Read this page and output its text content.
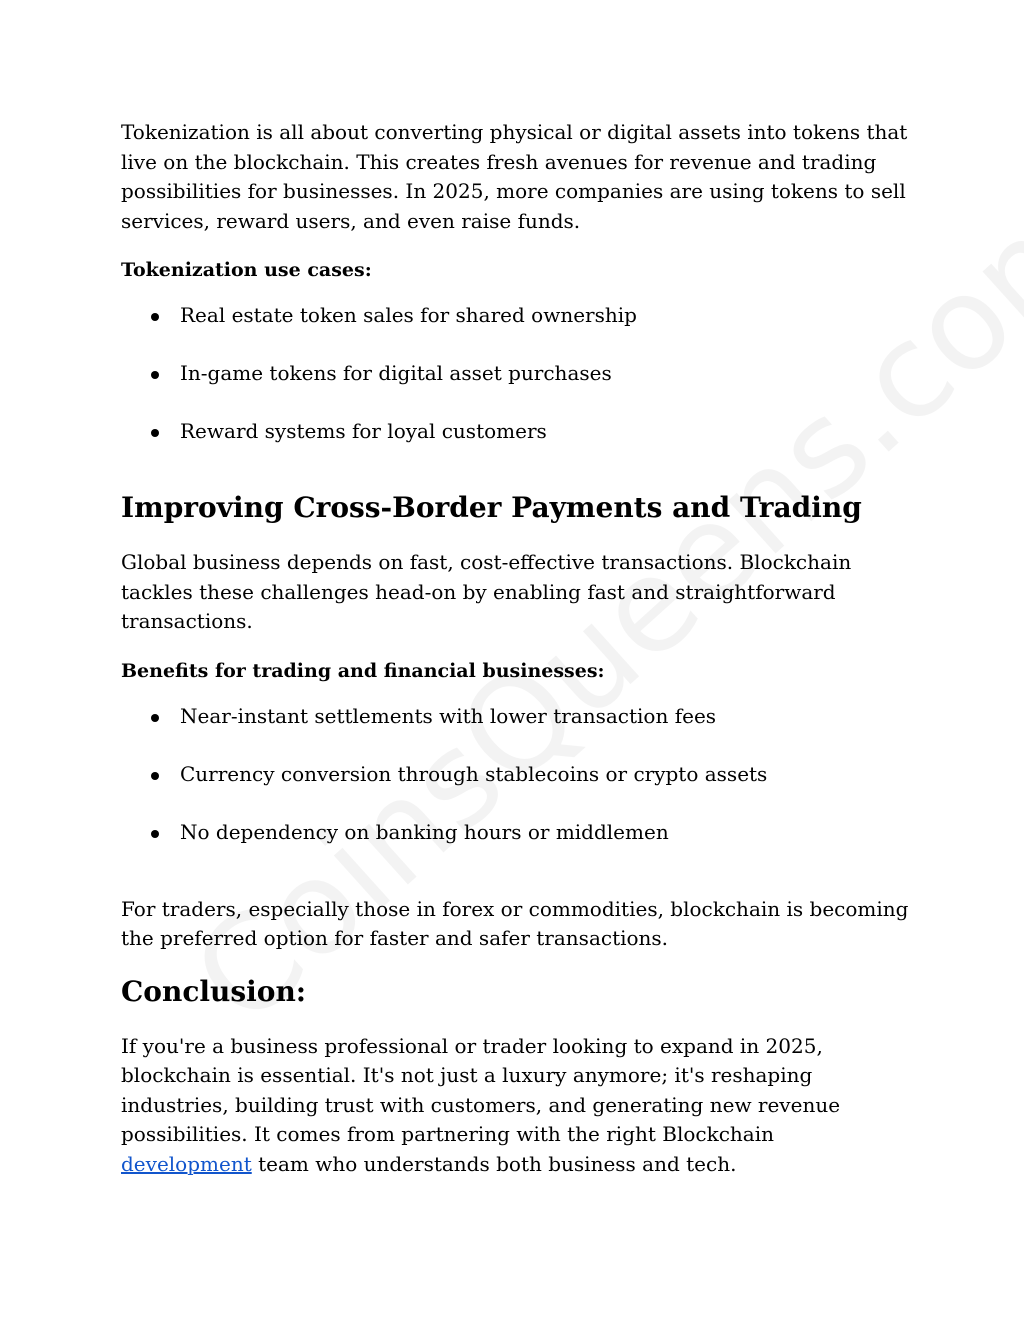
Tokenization is all about converting physical or digital assets into tokens that live on the blockchain. This creates fresh avenues for revenue and trading possibilities for businesses. In 2025, more companies are using tokens to sell services, reward users, and even raise funds.

Tokenization use cases:

Real estate token sales for shared ownership
In-game tokens for digital asset purchases
Reward systems for loyal customers
Improving Cross-Border Payments and Trading

Global business depends on fast, cost-effective transactions. Blockchain tackles these challenges head-on by enabling fast and straightforward transactions.

Benefits for trading and financial businesses:

Near-instant settlements with lower transaction fees
Currency conversion through stablecoins or crypto assets
No dependency on banking hours or middlemen

For traders, especially those in forex or commodities, blockchain is becoming the preferred option for faster and safer transactions.

Conclusion:

If you're a business professional or trader looking to expand in 2025, blockchain is essential. It's not just a luxury anymore; it's reshaping industries, building trust with customers, and generating new revenue possibilities. It comes from partnering with the right Blockchain development team who understands both business and tech.
